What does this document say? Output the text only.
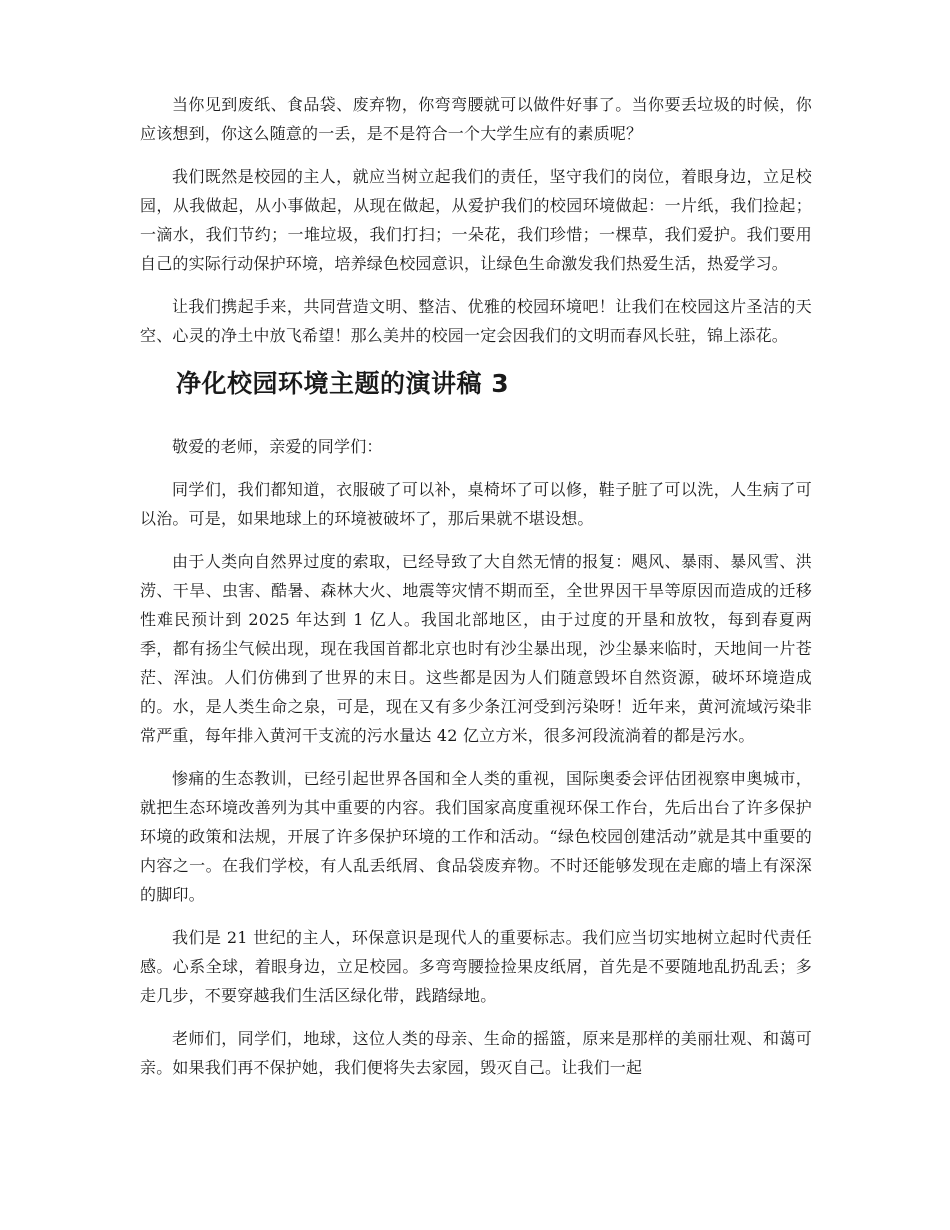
当你见到废纸、食品袋、废弃物，你弯弯腰就可以做件好事了。当你要丢垃圾的时候，你应该想到，你这么随意的一丢，是不是符合一个大学生应有的素质呢？

我们既然是校园的主人，就应当树立起我们的责任，坚守我们的岗位，着眼身边，立足校园，从我做起，从小事做起，从现在做起，从爱护我们的校园环境做起：一片纸，我们捡起；一滴水，我们节约；一堆垃圾，我们打扫；一朵花，我们珍惜；一棵草，我们爱护。我们要用自己的实际行动保护环境，培养绿色校园意识，让绿色生命激发我们热爱生活，热爱学习。

让我们携起手来，共同营造文明、整洁、优雅的校园环境吧！让我们在校园这片圣洁的天空、心灵的净土中放飞希望！那么美丼的校园一定会因我们的文明而春风长驻，锦上添花。

净化校园环境主题的演讲稿 3

敬爱的老师，亲爱的同学们：

同学们，我们都知道，衣服破了可以补，桌椅坏了可以修，鞋子脏了可以洗，人生病了可以治。可是，如果地球上的环境被破坏了，那后果就不堪设想。

由于人类向自然界过度的索取，已经导致了大自然无情的报复：飓风、暴雨、暴风雪、洪涝、干旱、虫害、酷暑、森林大火、地震等灾情不期而至，全世界因干旱等原因而造成的迁移性难民预计到 2025 年达到 1 亿人。我国北部地区，由于过度的开垦和放牧，每到春夏两季，都有扬尘气候出现，现在我国首都北京也时有沙尘暴出现，沙尘暴来临时，天地间一片苍茫、浑浊。人们仿佛到了世界的末日。这些都是因为人们随意毁坏自然资源，破坏环境造成的。水，是人类生命之泉，可是，现在又有多少条江河受到污染呀！近年来，黄河流域污染非常严重，每年排入黄河干支流的污水量达 42 亿立方米，很多河段流淌着的都是污水。

惨痛的生态教训，已经引起世界各国和全人类的重视，国际奥委会评估团视察申奥城市，就把生态环境改善列为其中重要的内容。我们国家高度重视环保工作台，先后出台了许多保护环境的政策和法规，开展了许多保护环境的工作和活动。“绿色校园创建活动”就是其中重要的内容之一。在我们学校，有人乱丢纸屑、食品袋废弃物。不时还能够发现在走廊的墙上有深深的脚印。

我们是 21 世纪的主人，环保意识是现代人的重要标志。我们应当切实地树立起时代责任感。心系全球，着眼身边，立足校园。多弯弯腰捡捡果皮纸屑，首先是不要随地乱扔乱丢；多走几步，不要穿越我们生活区绿化带，践踏绿地。

老师们，同学们，地球，这位人类的母亲、生命的摇篮，原来是那样的美丽壮观、和蔼可亲。如果我们再不保护她，我们便将失去家园，毁灭自己。让我们一起
